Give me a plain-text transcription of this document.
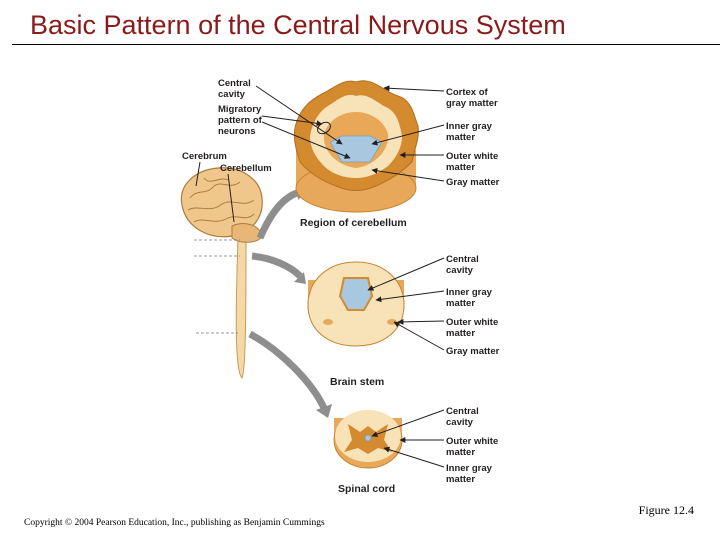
Basic Pattern of the Central Nervous System
Central cavity
Migratory pattern of neurons
Cerebrum
Cerebellum
Cortex of gray matter
Inner gray matter
Outer white matter
Gray matter
Region of cerebellum
Central cavity
Inner gray matter
Outer white matter
Gray matter
Brain stem
Central cavity
Outer white matter
Inner gray matter
Spinal cord
Figure 12.4
Copyright © 2004 Pearson Education, Inc., publishing as Benjamin Cummings
